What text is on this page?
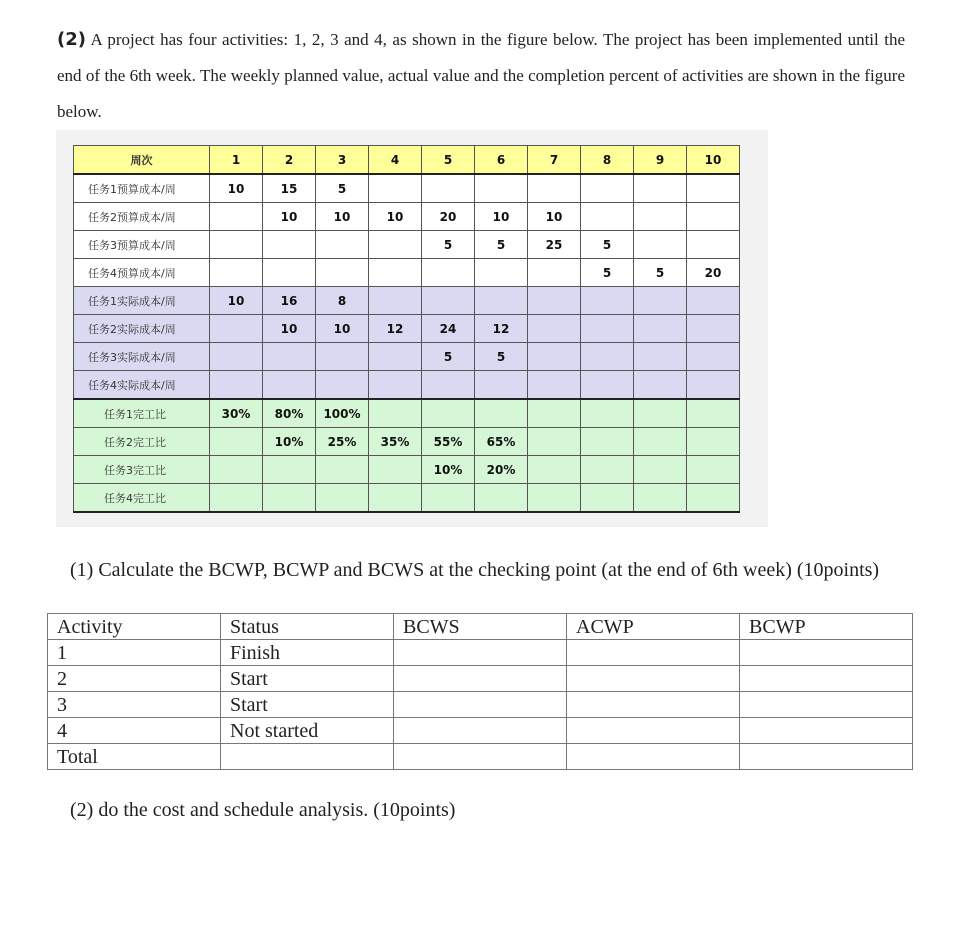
(2) A project has four activities: 1, 2, 3 and 4, as shown in the figure below. The project has been implemented until the end of the 6th week. The weekly planned value, actual value and the completion percent of activities are shown in the figure below.
周次	1	2	3	4	5	6	7	8	9	10
任务1预算成本/周	10	15	5							
任务2预算成本/周		10	10	10	20	10	10			
任务3预算成本/周					5	5	25	5		
任务4预算成本/周								5	5	20
任务1实际成本/周	10	16	8							
任务2实际成本/周		10	10	12	24	12				
任务3实际成本/周					5	5				
任务4实际成本/周										
任务1完工比	30%	80%	100%							
任务2完工比		10%	25%	35%	55%	65%				
任务3完工比					10%	20%				
任务4完工比										
(1) Calculate the BCWP, BCWP and BCWS at the checking point (at the end of 6th week) (10points)
Activity	Status	BCWS	ACWP	BCWP
1	Finish			
2	Start			
3	Start			
4	Not started			
Total				
(2) do the cost and schedule analysis. (10points)
